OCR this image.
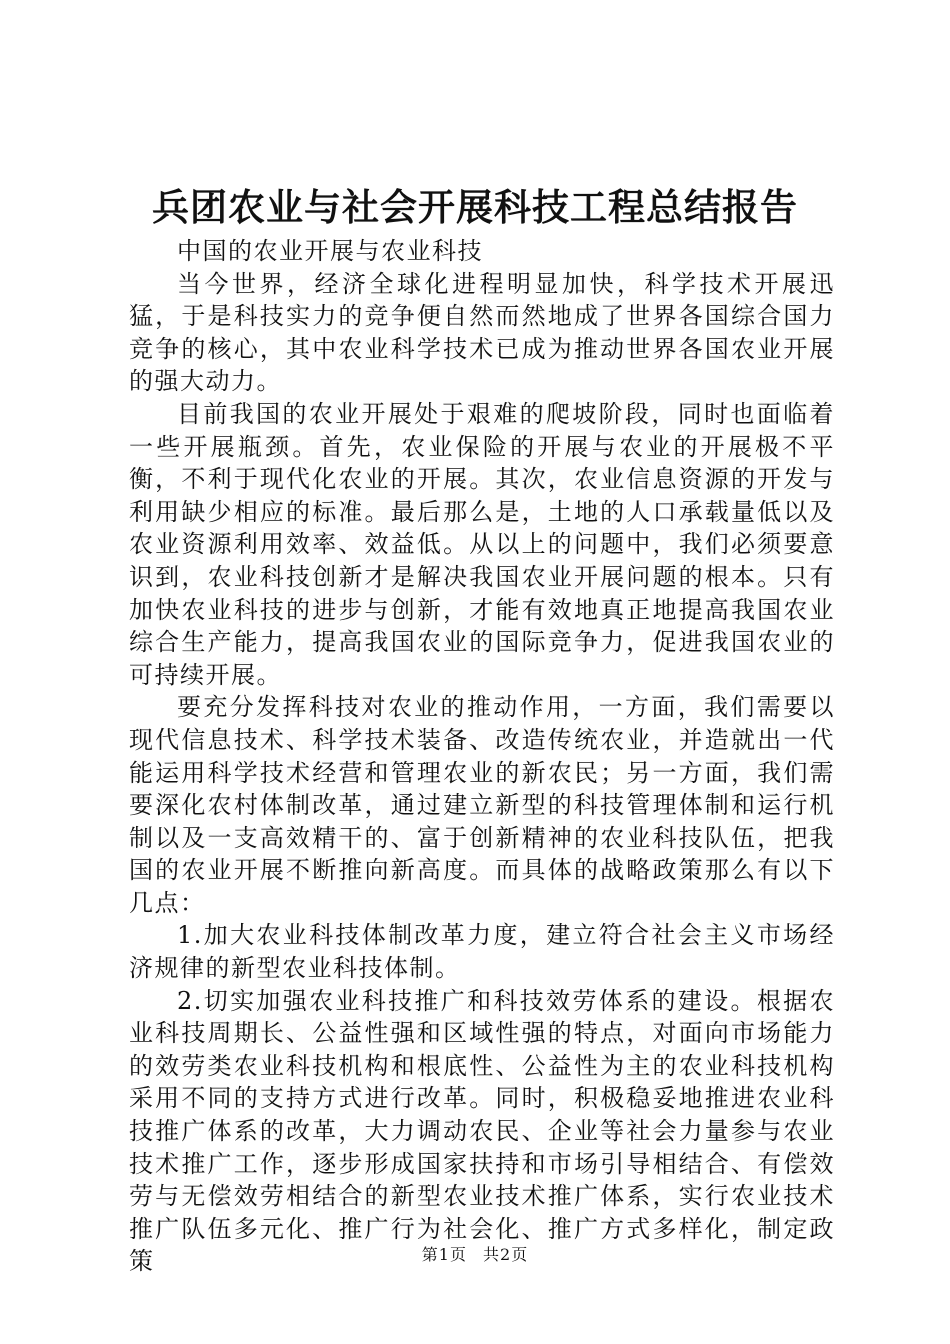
兵团农业与社会开展科技工程总结报告

中国的农业开展与农业科技

当今世界，经济全球化进程明显加快，科学技术开展迅猛，于是科技实力的竞争便自然而然地成了世界各国综合国力竞争的核心，其中农业科学技术已成为推动世界各国农业开展的强大动力。

目前我国的农业开展处于艰难的爬坡阶段，同时也面临着一些开展瓶颈。首先，农业保险的开展与农业的开展极不平衡，不利于现代化农业的开展。其次，农业信息资源的开发与利用缺少相应的标准。最后那么是，土地的人口承载量低以及农业资源利用效率、效益低。从以上的问题中，我们必须要意识到，农业科技创新才是解决我国农业开展问题的根本。只有加快农业科技的进步与创新，才能有效地真正地提高我国农业综合生产能力，提高我国农业的国际竞争力，促进我国农业的可持续开展。

要充分发挥科技对农业的推动作用，一方面，我们需要以现代信息技术、科学技术装备、改造传统农业，并造就出一代能运用科学技术经营和管理农业的新农民；另一方面，我们需要深化农村体制改革，通过建立新型的科技管理体制和运行机制以及一支高效精干的、富于创新精神的农业科技队伍，把我国的农业开展不断推向新高度。而具体的战略政策那么有以下几点：

1.加大农业科技体制改革力度，建立符合社会主义市场经济规律的新型农业科技体制。

2.切实加强农业科技推广和科技效劳体系的建设。根据农业科技周期长、公益性强和区域性强的特点，对面向市场能力的效劳类农业科技机构和根底性、公益性为主的农业科技机构采用不同的支持方式进行改革。同时，积极稳妥地推进农业科技推广体系的改革，大力调动农民、企业等社会力量参与农业技术推广工作，逐步形成国家扶持和市场引导相结合、有偿效劳与无偿效劳相结合的新型农业技术推广体系，实行农业技术推广队伍多元化、推广行为社会化、推广方式多样化，制定政策	第1页 共2页
